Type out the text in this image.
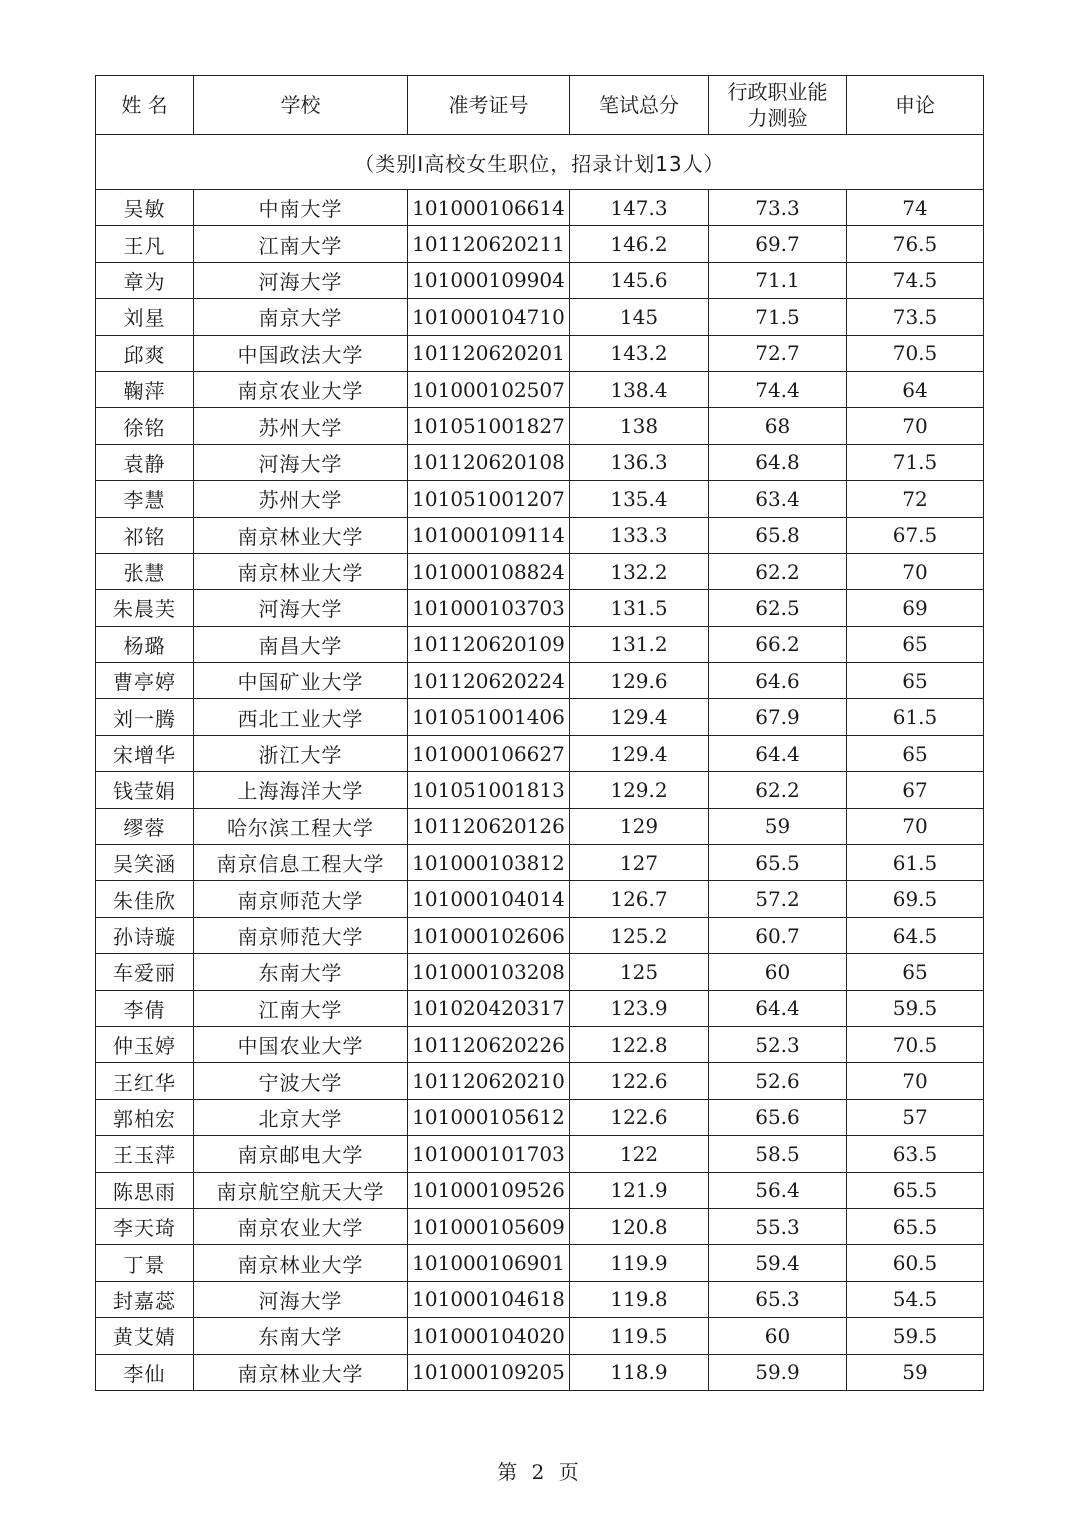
姓 名	学校	准考证号	笔试总分	行政职业能力测验	申论
（类别I高校女生职位，招录计划13人）					
吴敏	中南大学	101000106614	147.3	73.3	74
王凡	江南大学	101120620211	146.2	69.7	76.5
章为	河海大学	101000109904	145.6	71.1	74.5
刘星	南京大学	101000104710	145	71.5	73.5
邱爽	中国政法大学	101120620201	143.2	72.7	70.5
鞠萍	南京农业大学	101000102507	138.4	74.4	64
徐铭	苏州大学	101051001827	138	68	70
袁静	河海大学	101120620108	136.3	64.8	71.5
李慧	苏州大学	101051001207	135.4	63.4	72
祁铭	南京林业大学	101000109114	133.3	65.8	67.5
张慧	南京林业大学	101000108824	132.2	62.2	70
朱晨芙	河海大学	101000103703	131.5	62.5	69
杨璐	南昌大学	101120620109	131.2	66.2	65
曹亭婷	中国矿业大学	101120620224	129.6	64.6	65
刘一腾	西北工业大学	101051001406	129.4	67.9	61.5
宋增华	浙江大学	101000106627	129.4	64.4	65
钱莹娟	上海海洋大学	101051001813	129.2	62.2	67
缪蓉	哈尔滨工程大学	101120620126	129	59	70
吴笑涵	南京信息工程大学	101000103812	127	65.5	61.5
朱佳欣	南京师范大学	101000104014	126.7	57.2	69.5
孙诗璇	南京师范大学	101000102606	125.2	60.7	64.5
车爱丽	东南大学	101000103208	125	60	65
李倩	江南大学	101020420317	123.9	64.4	59.5
仲玉婷	中国农业大学	101120620226	122.8	52.3	70.5
王红华	宁波大学	101120620210	122.6	52.6	70
郭柏宏	北京大学	101000105612	122.6	65.6	57
王玉萍	南京邮电大学	101000101703	122	58.5	63.5
陈思雨	南京航空航天大学	101000109526	121.9	56.4	65.5
李天琦	南京农业大学	101000105609	120.8	55.3	65.5
丁景	南京林业大学	101000106901	119.9	59.4	60.5
封嘉蕊	河海大学	101000104618	119.8	65.3	54.5
黄艾婧	东南大学	101000104020	119.5	60	59.5
李仙	南京林业大学	101000109205	118.9	59.9	59
第 2 页
